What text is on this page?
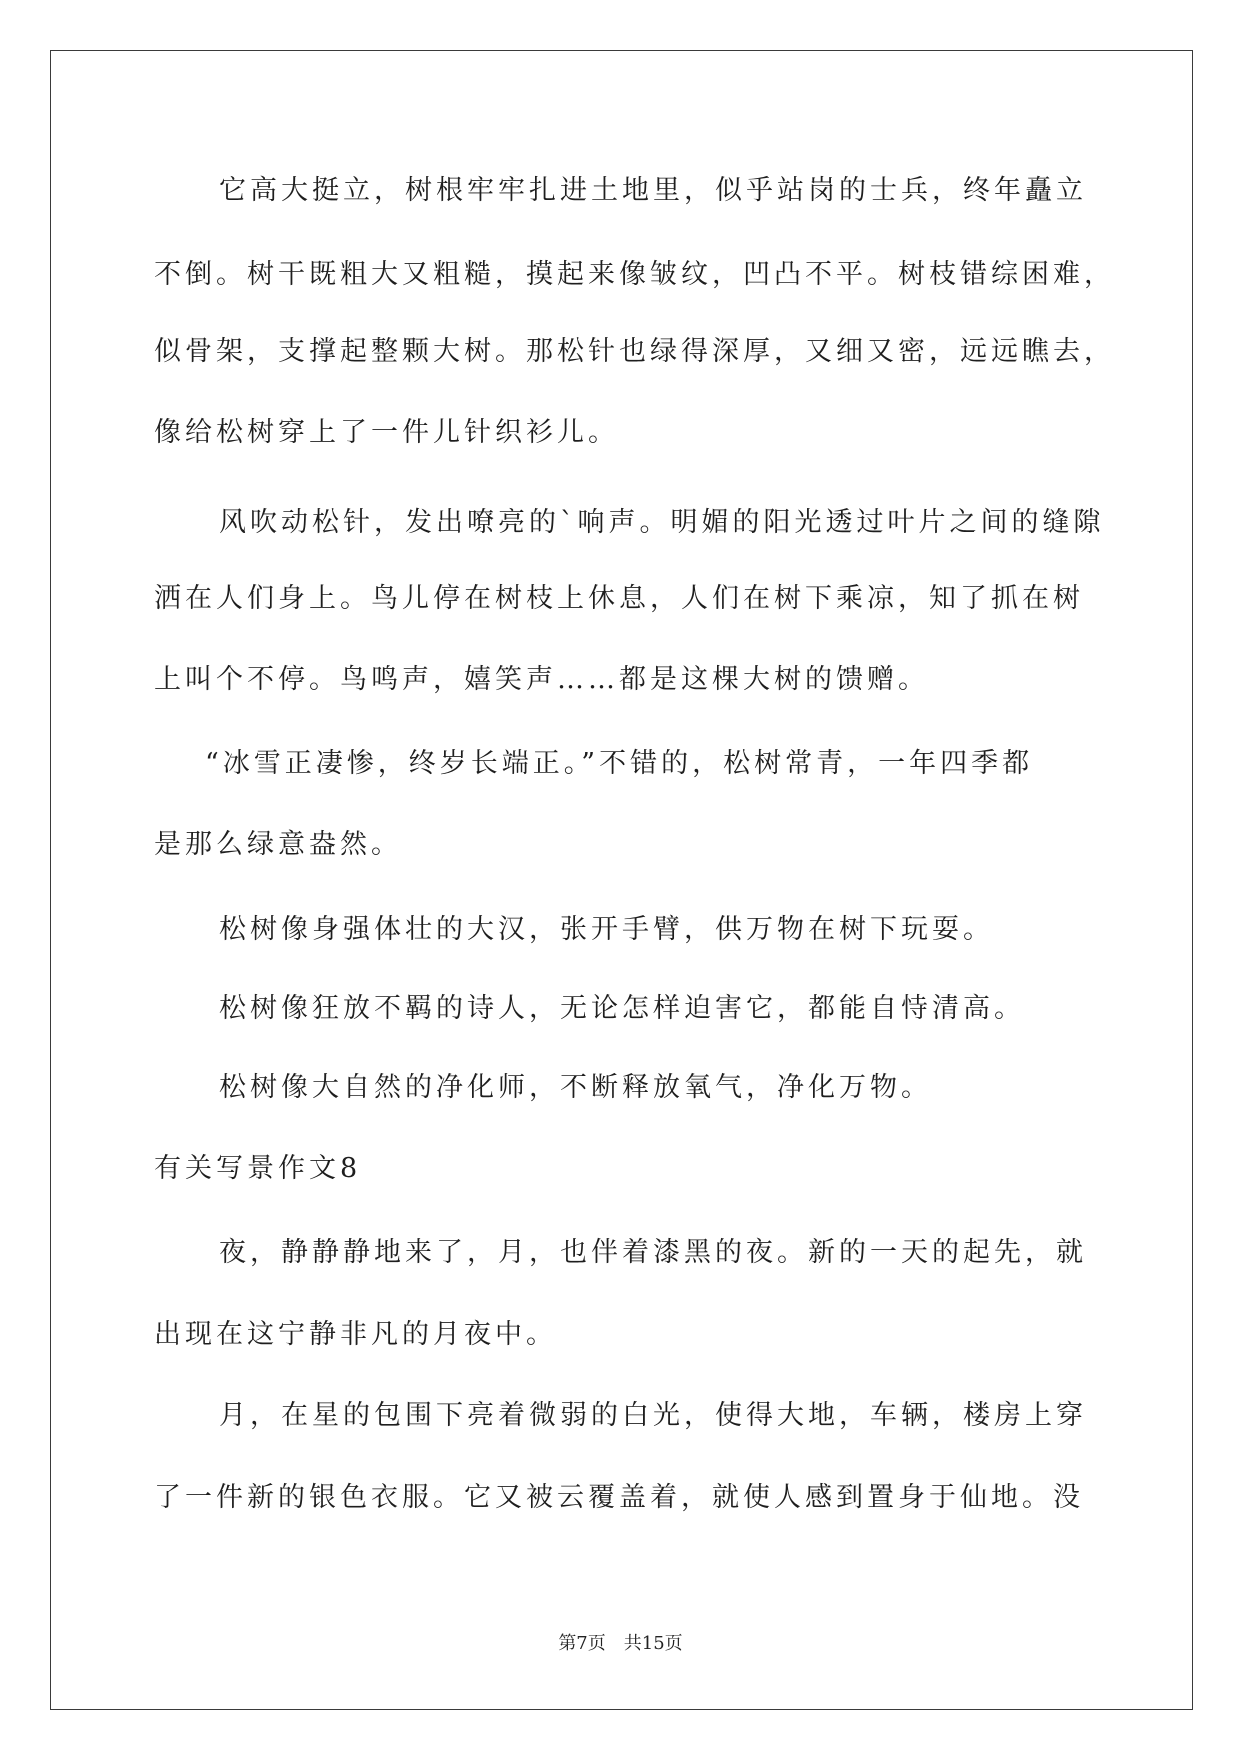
它高大挺立，树根牢牢扎进土地里，似乎站岗的士兵，终年矗立
不倒。树干既粗大又粗糙，摸起来像皱纹，凹凸不平。树枝错综困难，
似骨架，支撑起整颗大树。那松针也绿得深厚，又细又密，远远瞧去，
像给松树穿上了一件儿针织衫儿。
风吹动松针，发出嘹亮的`响声。明媚的阳光透过叶片之间的缝隙
洒在人们身上。鸟儿停在树枝上休息，人们在树下乘凉，知了抓在树
上叫个不停。鸟鸣声，嬉笑声……都是这棵大树的馈赠。
“冰雪正凄惨，终岁长端正。”不错的，松树常青，一年四季都
是那么绿意盎然。
松树像身强体壮的大汉，张开手臂，供万物在树下玩耍。
松树像狂放不羁的诗人，无论怎样迫害它，都能自恃清高。
松树像大自然的净化师，不断释放氧气，净化万物。
有关写景作文8
夜，静静静地来了，月，也伴着漆黑的夜。新的一天的起先，就
出现在这宁静非凡的月夜中。
月，在星的包围下亮着微弱的白光，使得大地，车辆，楼房上穿
了一件新的银色衣服。它又被云覆盖着，就使人感到置身于仙地。没
第7页 共15页
